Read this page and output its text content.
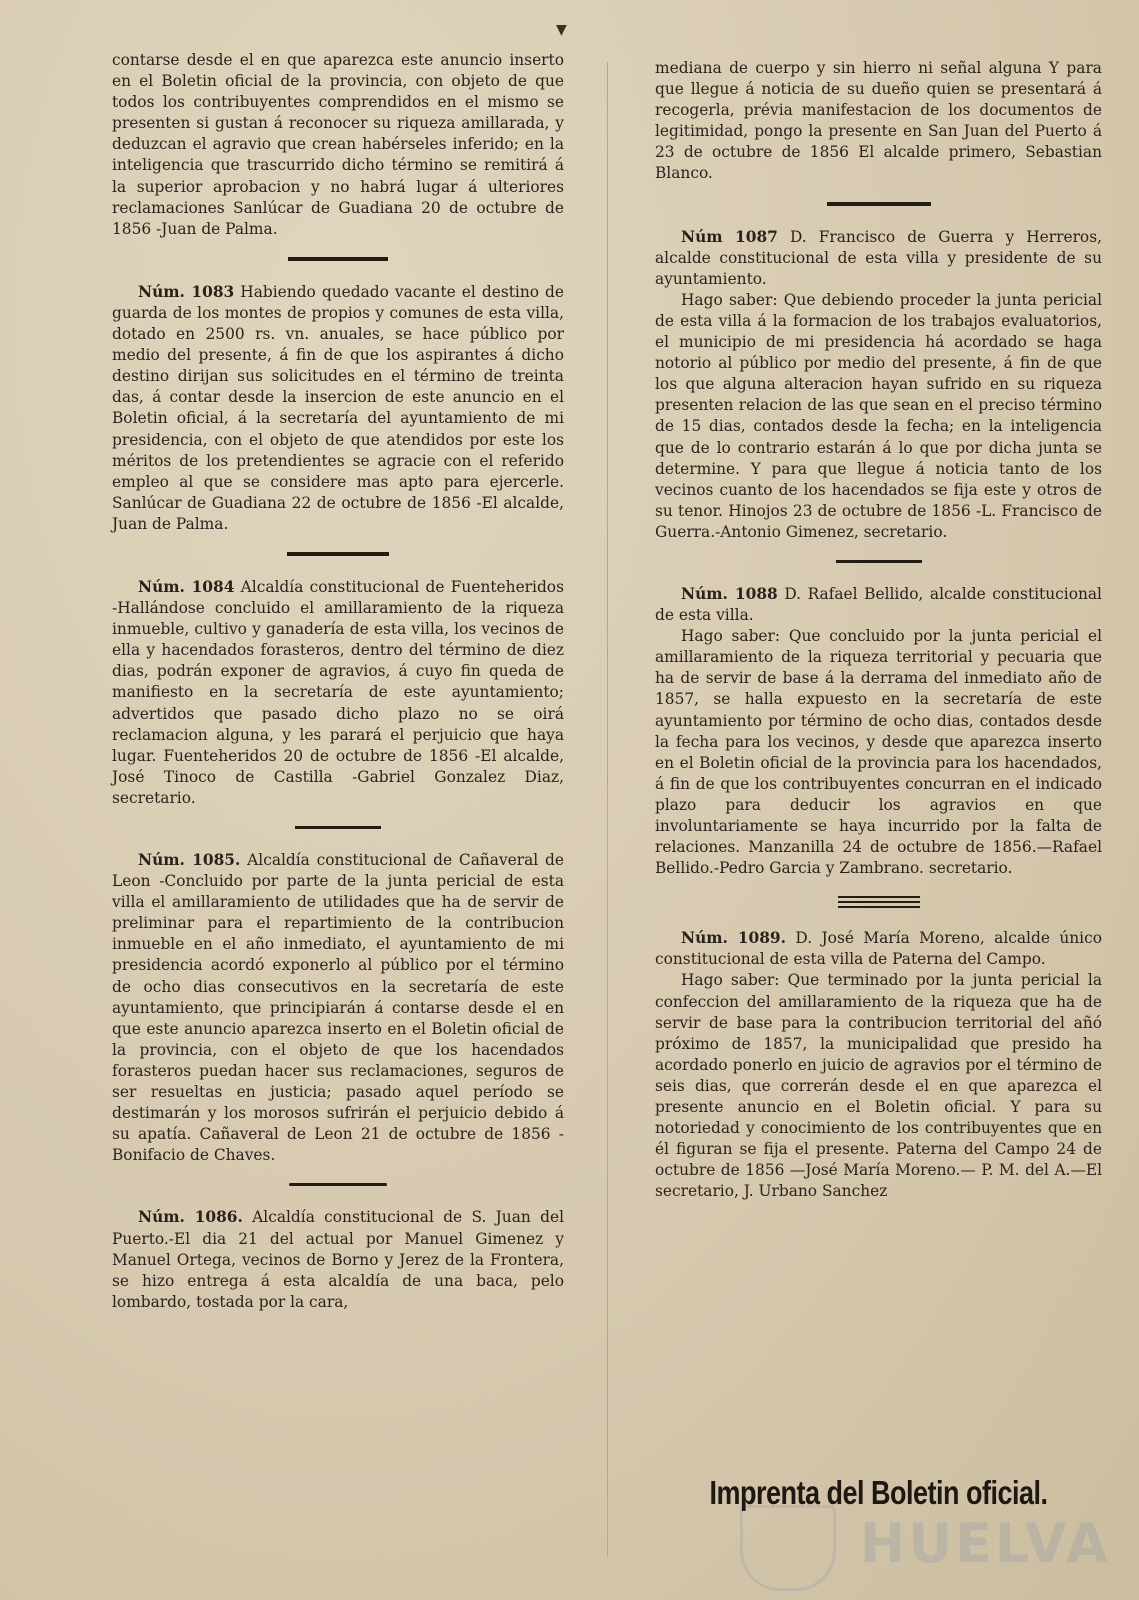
▼

contarse desde el en que aparezca este anuncio inserto en el Boletin oficial de la provincia, con objeto de que todos los contribuyentes comprendidos en el mismo se presenten si gustan á reconocer su riqueza amillarada, y deduzcan el agravio que crean habérseles inferido; en la inteligencia que trascurrido dicho término se remitirá á la superior aprobacion y no habrá lugar á ulteriores reclamaciones Sanlúcar de Guadiana 20 de octubre de 1856 -Juan de Palma.

Núm. 1083 Habiendo quedado vacante el destino de guarda de los montes de propios y comunes de esta villa, dotado en 2500 rs. vn. anuales, se hace público por medio del presente, á fin de que los aspirantes á dicho destino dirijan sus solicitudes en el término de treinta das, á contar desde la insercion de este anuncio en el Boletin oficial, á la secretaría del ayuntamiento de mi presidencia, con el objeto de que atendidos por este los méritos de los pretendientes se agracie con el referido empleo al que se considere mas apto para ejercerle. Sanlúcar de Guadiana 22 de octubre de 1856 -El alcalde, Juan de Palma.

Núm. 1084 Alcaldía constitucional de Fuenteheridos -Hallándose concluido el amillaramiento de la riqueza inmueble, cultivo y ganadería de esta villa, los vecinos de ella y hacendados forasteros, dentro del término de diez dias, podrán exponer de agravios, á cuyo fin queda de manifiesto en la secretaría de este ayuntamiento; advertidos que pasado dicho plazo no se oirá reclamacion alguna, y les parará el perjuicio que haya lugar. Fuenteheridos 20 de octubre de 1856 -El alcalde, José Tinoco de Castilla -Gabriel Gonzalez Diaz, secretario.

Núm. 1085. Alcaldía constitucional de Cañaveral de Leon -Concluido por parte de la junta pericial de esta villa el amillaramiento de utilidades que ha de servir de preliminar para el repartimiento de la contribucion inmueble en el año inmediato, el ayuntamiento de mi presidencia acordó exponerlo al público por el término de ocho dias consecutivos en la secretaría de este ayuntamiento, que principiarán á contarse desde el en que este anuncio aparezca inserto en el Boletin oficial de la provincia, con el objeto de que los hacendados forasteros puedan hacer sus reclamaciones, seguros de ser resueltas en justicia; pasado aquel período se destimarán y los morosos sufrirán el perjuicio debido á su apatía. Cañaveral de Leon 21 de octubre de 1856 -Bonifacio de Chaves.

Núm. 1086. Alcaldía constitucional de S. Juan del Puerto.-El dia 21 del actual por Manuel Gimenez y Manuel Ortega, vecinos de Borno y Jerez de la Frontera, se hizo entrega á esta alcaldía de una baca, pelo lombardo, tostada por la cara,

mediana de cuerpo y sin hierro ni señal alguna Y para que llegue á noticia de su dueño quien se presentará á recogerla, prévia manifestacion de los documentos de legitimidad, pongo la presente en San Juan del Puerto á 23 de octubre de 1856 El alcalde primero, Sebastian Blanco.

Núm 1087 D. Francisco de Guerra y Herreros, alcalde constitucional de esta villa y presidente de su ayuntamiento.

Hago saber: Que debiendo proceder la junta pericial de esta villa á la formacion de los trabajos evaluatorios, el municipio de mi presidencia há acordado se haga notorio al público por medio del presente, á fin de que los que alguna alteracion hayan sufrido en su riqueza presenten relacion de las que sean en el preciso término de 15 dias, contados desde la fecha; en la inteligencia que de lo contrario estarán á lo que por dicha junta se determine. Y para que llegue á noticia tanto de los vecinos cuanto de los hacendados se fija este y otros de su tenor. Hinojos 23 de octubre de 1856 -L. Francisco de Guerra.-Antonio Gimenez, secretario.

Núm. 1088 D. Rafael Bellido, alcalde constitucional de esta villa.

Hago saber: Que concluido por la junta pericial el amillaramiento de la riqueza territorial y pecuaria que ha de servir de base á la derrama del inmediato año de 1857, se halla expuesto en la secretaría de este ayuntamiento por término de ocho dias, contados desde la fecha para los vecinos, y desde que aparezca inserto en el Boletin oficial de la provincia para los hacendados, á fin de que los contribuyentes concurran en el indicado plazo para deducir los agravios en que involuntariamente se haya incurrido por la falta de relaciones. Manzanilla 24 de octubre de 1856.—Rafael Bellido.-Pedro Garcia y Zambrano. secretario.

Núm. 1089. D. José María Moreno, alcalde único constitucional de esta villa de Paterna del Campo.

Hago saber: Que terminado por la junta pericial la confeccion del amillaramiento de la riqueza que ha de servir de base para la contribucion territorial del añó próximo de 1857, la municipalidad que presido ha acordado ponerlo en juicio de agravios por el término de seis dias, que correrán desde el en que aparezca el presente anuncio en el Boletin oficial. Y para su notoriedad y conocimiento de los contribuyentes que en él figuran se fija el presente. Paterna del Campo 24 de octubre de 1856 —José María Moreno.— P. M. del A.—El secretario, J. Urbano Sanchez

HUELVA
Imprenta del Boletin oficial.
